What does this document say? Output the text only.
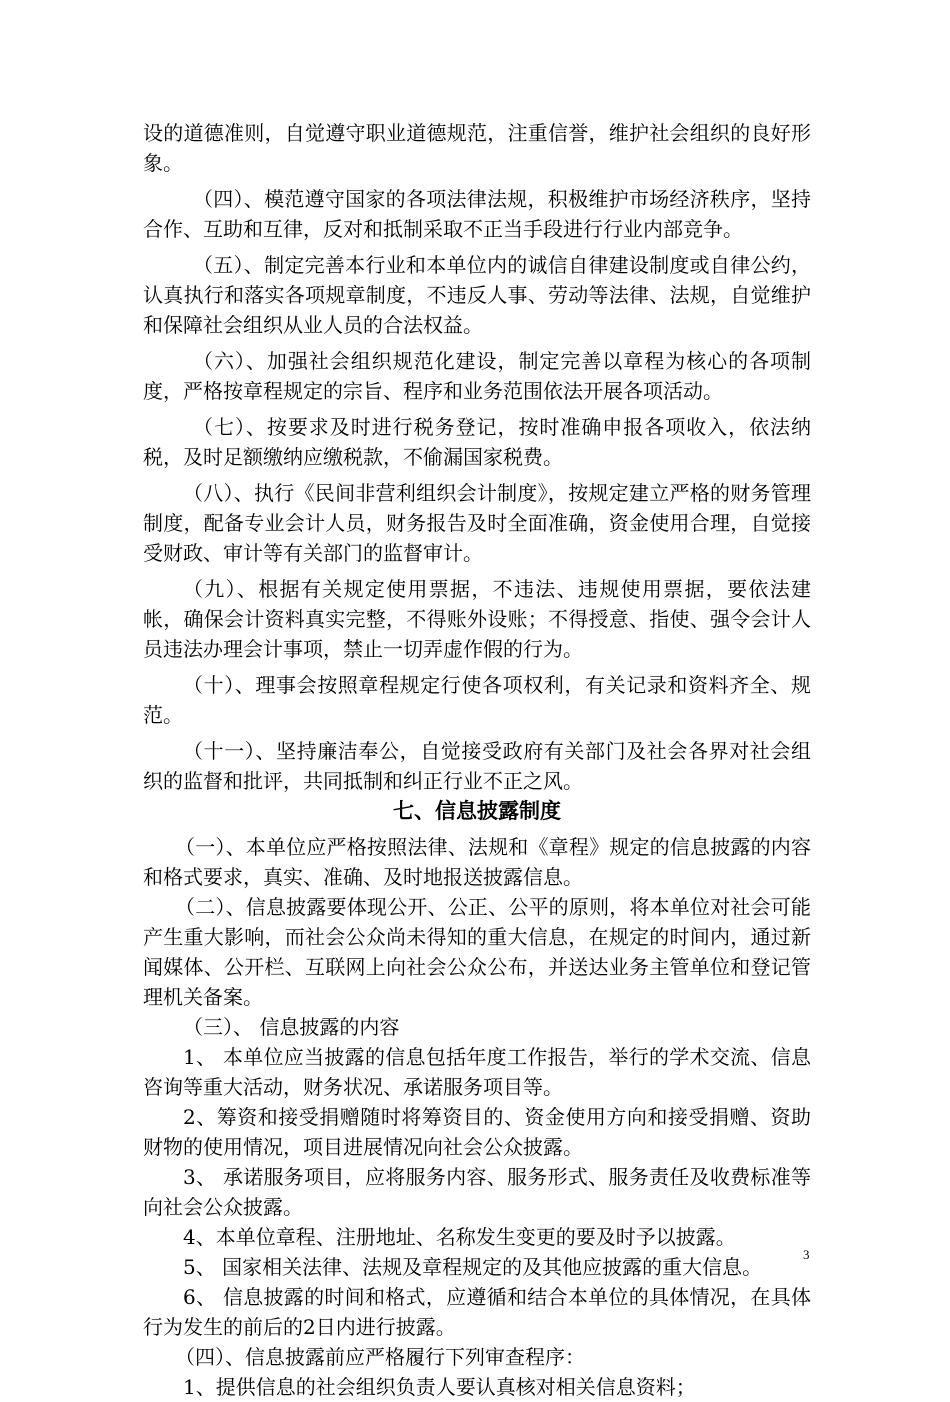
设的道德准则，自觉遵守职业道德规范，注重信誉，维护社会组织的良好形象。

（四）、模范遵守国家的各项法律法规，积极维护市场经济秩序，坚持合作、互助和互律，反对和抵制采取不正当手段进行行业内部竞争。

（五）、制定完善本行业和本单位内的诚信自律建设制度或自律公约，认真执行和落实各项规章制度，不违反人事、劳动等法律、法规，自觉维护和保障社会组织从业人员的合法权益。

（六）、加强社会组织规范化建设，制定完善以章程为核心的各项制度，严格按章程规定的宗旨、程序和业务范围依法开展各项活动。

（七）、按要求及时进行税务登记，按时准确申报各项收入，依法纳税，及时足额缴纳应缴税款，不偷漏国家税费。

（八）、执行《民间非营利组织会计制度》，按规定建立严格的财务管理制度，配备专业会计人员，财务报告及时全面准确，资金使用合理，自觉接受财政、审计等有关部门的监督审计。

（九）、根据有关规定使用票据，不违法、违规使用票据，要依法建帐，确保会计资料真实完整，不得账外设账；不得授意、指使、强令会计人员违法办理会计事项，禁止一切弄虚作假的行为。

（十）、理事会按照章程规定行使各项权利，有关记录和资料齐全、规范。

（十一）、坚持廉洁奉公，自觉接受政府有关部门及社会各界对社会组织的监督和批评，共同抵制和纠正行业不正之风。

七、信息披露制度

（一）、本单位应严格按照法律、法规和《章程》规定的信息披露的内容和格式要求，真实、准确、及时地报送披露信息。

（二）、信息披露要体现公开、公正、公平的原则，将本单位对社会可能产生重大影响，而社会公众尚未得知的重大信息，在规定的时间内，通过新闻媒体、公开栏、互联网上向社会公众公布，并送达业务主管单位和登记管理机关备案。

（三）、 信息披露的内容

1、 本单位应当披露的信息包括年度工作报告，举行的学术交流、信息咨询等重大活动，财务状况、承诺服务项目等。

2、筹资和接受捐赠随时将筹资目的、资金使用方向和接受捐赠、资助财物的使用情况，项目进展情况向社会公众披露。

3、 承诺服务项目，应将服务内容、服务形式、服务责任及收费标准等向社会公众披露。

4、本单位章程、注册地址、名称发生变更的要及时予以披露。

5、 国家相关法律、法规及章程规定的及其他应披露的重大信息。

6、 信息披露的时间和格式，应遵循和结合本单位的具体情况，在具体行为发生的前后的2日内进行披露。

（四）、信息披露前应严格履行下列审查程序：

1、提供信息的社会组织负责人要认真核对相关信息资料；

3
